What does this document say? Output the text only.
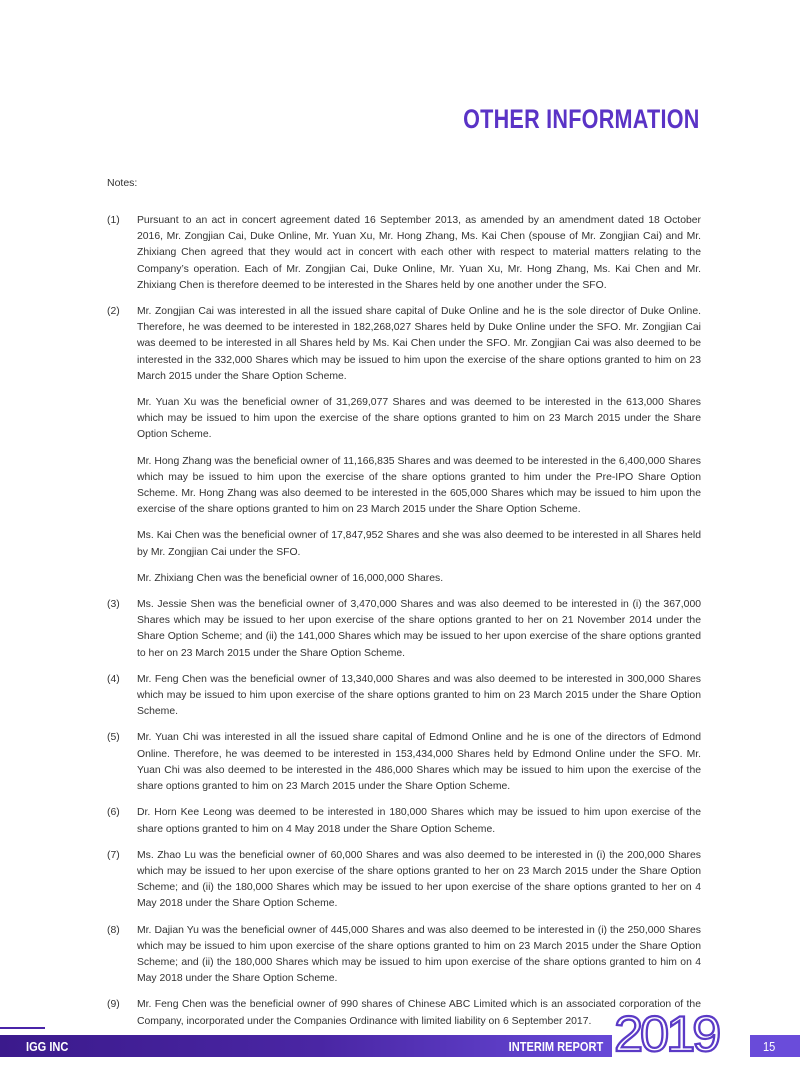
OTHER INFORMATION
Notes:
(1)	Pursuant to an act in concert agreement dated 16 September 2013, as amended by an amendment dated 18 October 2016, Mr. Zongjian Cai, Duke Online, Mr. Yuan Xu, Mr. Hong Zhang, Ms. Kai Chen (spouse of Mr. Zongjian Cai) and Mr. Zhixiang Chen agreed that they would act in concert with each other with respect to material matters relating to the Company’s operation. Each of Mr. Zongjian Cai, Duke Online, Mr. Yuan Xu, Mr. Hong Zhang, Ms. Kai Chen and Mr. Zhixiang Chen is therefore deemed to be interested in the Shares held by one another under the SFO.

(2)	Mr. Zongjian Cai was interested in all the issued share capital of Duke Online and he is the sole director of Duke Online. Therefore, he was deemed to be interested in 182,268,027 Shares held by Duke Online under the SFO. Mr. Zongjian Cai was deemed to be interested in all Shares held by Ms. Kai Chen under the SFO. Mr. Zongjian Cai was also deemed to be interested in the 332,000 Shares which may be issued to him upon the exercise of the share options granted to him on 23 March 2015 under the Share Option Scheme.

Mr. Yuan Xu was the beneficial owner of 31,269,077 Shares and was deemed to be interested in the 613,000 Shares which may be issued to him upon the exercise of the share options granted to him on 23 March 2015 under the Share Option Scheme.

Mr. Hong Zhang was the beneficial owner of 11,166,835 Shares and was deemed to be interested in the 6,400,000 Shares which may be issued to him upon the exercise of the share options granted to him under the Pre-IPO Share Option Scheme. Mr. Hong Zhang was also deemed to be interested in the 605,000 Shares which may be issued to him upon the exercise of the share options granted to him on 23 March 2015 under the Share Option Scheme.

Ms. Kai Chen was the beneficial owner of 17,847,952 Shares and she was also deemed to be interested in all Shares held by Mr. Zongjian Cai under the SFO.

Mr. Zhixiang Chen was the beneficial owner of 16,000,000 Shares.

(3)	Ms. Jessie Shen was the beneficial owner of 3,470,000 Shares and was also deemed to be interested in (i) the 367,000 Shares which may be issued to her upon exercise of the share options granted to her on 21 November 2014 under the Share Option Scheme; and (ii) the 141,000 Shares which may be issued to her upon exercise of the share options granted to her on 23 March 2015 under the Share Option Scheme.

(4)	Mr. Feng Chen was the beneficial owner of 13,340,000 Shares and was also deemed to be interested in 300,000 Shares which may be issued to him upon exercise of the share options granted to him on 23 March 2015 under the Share Option Scheme.

(5)	Mr. Yuan Chi was interested in all the issued share capital of Edmond Online and he is one of the directors of Edmond Online. Therefore, he was deemed to be interested in 153,434,000 Shares held by Edmond Online under the SFO. Mr. Yuan Chi was also deemed to be interested in the 486,000 Shares which may be issued to him upon the exercise of the share options granted to him on 23 March 2015 under the Share Option Scheme.

(6)	Dr. Horn Kee Leong was deemed to be interested in 180,000 Shares which may be issued to him upon exercise of the share options granted to him on 4 May 2018 under the Share Option Scheme.

(7)	Ms. Zhao Lu was the beneficial owner of 60,000 Shares and was also deemed to be interested in (i) the 200,000 Shares which may be issued to her upon exercise of the share options granted to her on 23 March 2015 under the Share Option Scheme; and (ii) the 180,000 Shares which may be issued to her upon exercise of the share options granted to her on 4 May 2018 under the Share Option Scheme.

(8)	Mr. Dajian Yu was the beneficial owner of 445,000 Shares and was also deemed to be interested in (i) the 250,000 Shares which may be issued to him upon exercise of the share options granted to him on 23 March 2015 under the Share Option Scheme; and (ii) the 180,000 Shares which may be issued to him upon exercise of the share options granted to him on 4 May 2018 under the Share Option Scheme.

(9)	Mr. Feng Chen was the beneficial owner of 990 shares of Chinese ABC Limited which is an associated corporation of the Company, incorporated under the Companies Ordinance with limited liability on 6 September 2017.

IGG INC	INTERIM REPORT 2019	15
